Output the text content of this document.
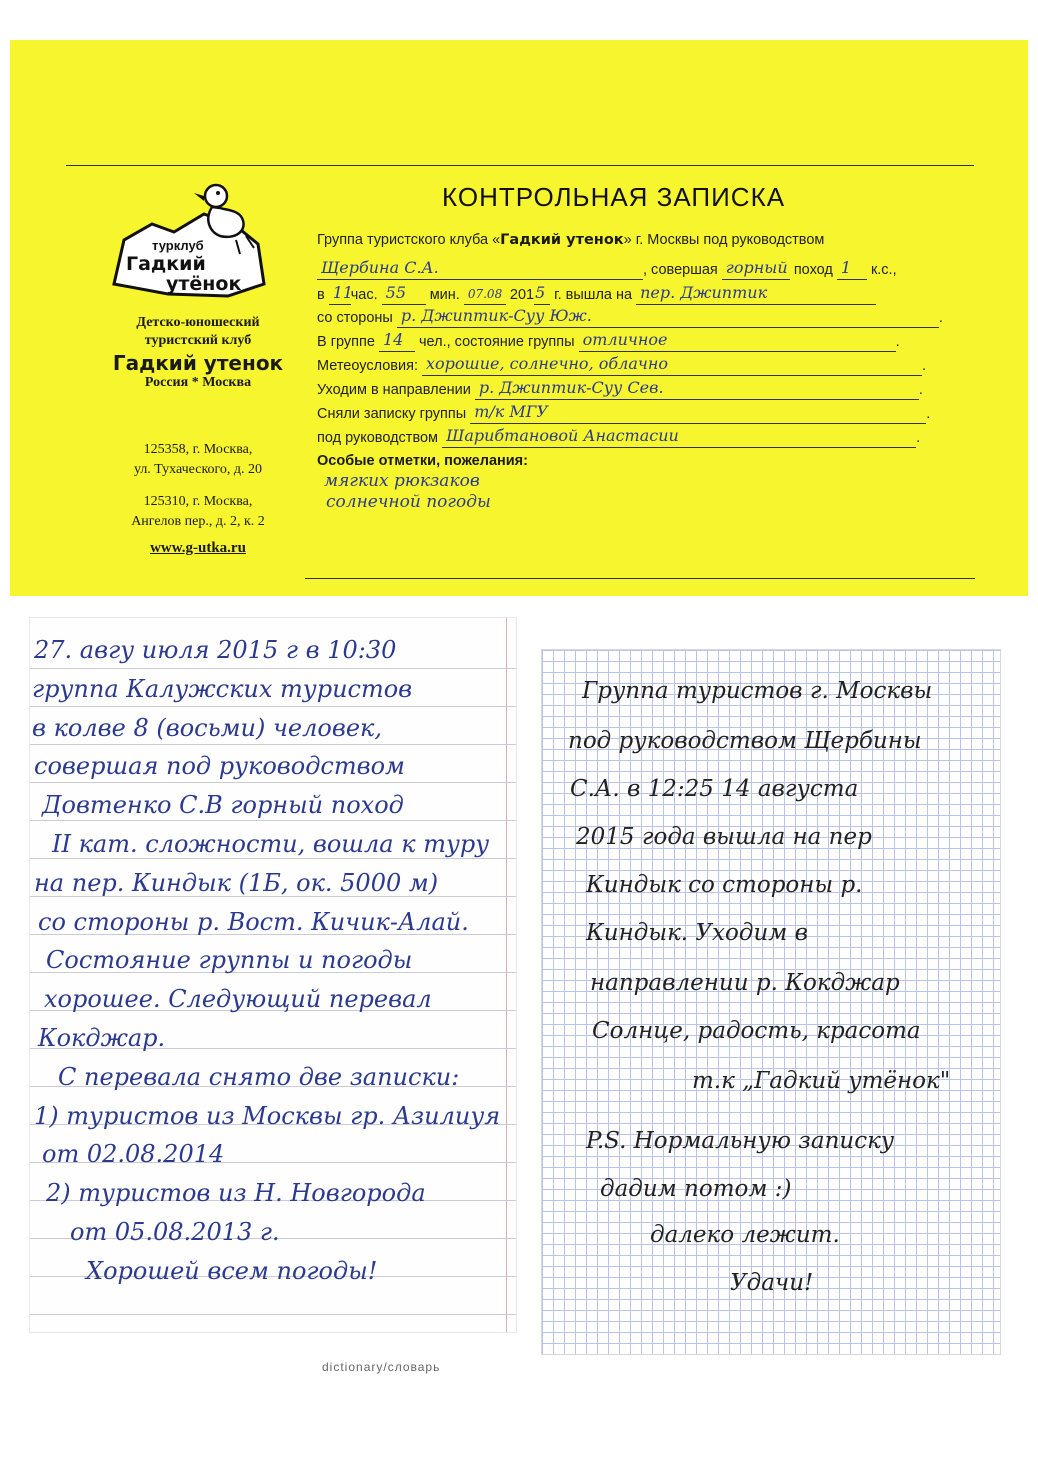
КОНТРОЛЬНАЯ ЗАПИСКА
турклуб
Гадкий
утёнок
Детско-юношеский
туристский клуб
Гадкий утенок
Россия * Москва
125358, г. Москва,
ул. Тухаческого, д. 20
125310, г. Москва,
Ангелов пер., д. 2, к. 2
www.g-utka.ru
Группа туристского клуба «Гадкий утенок» г. Москвы под руководством
Щербина С.А.	, совершая горный поход 1 к.с.,
в 11час. 55 мин. 07.08 2015 г. вышла на пер. Джиптик
со стороны р. Джиптик-Суу Юж.	.
В группе 14 чел., состояние группы отличное	.
Метеоусловия: хорошие, солнечно, облачно	.
Уходим в направлении р. Джиптик-Суу Сев.	.
Сняли записку группы т/к МГУ	.
под руководством Шарибтановой Анастасии	.
Особые отметки, пожелания:
мягких рюкзаков
солнечной погоды
27. авгу июля 2015 г в 10:30
группа Калужских туристов
в колве 8 (восьми) человек,
совершая под руководством
Довтенко С.В горный поход
II кат. сложности, вошла к туру
на пер. Киндык (1Б, ок. 5000 м)
со стороны р. Вост. Кичик-Алай.
Состояние группы и погоды
хорошее. Следующий перевал
Кокджар.
С перевала снято две записки:
1) туристов из Москвы гр. Азилиуя
от 02.08.2014
2) туристов из Н. Новгорода
от 05.08.2013 г.
Хорошей всем погоды!
dictionary/словарь
Группа туристов г. Москвы
под руководством Щербины
С.А. в 12:25 14 августа
2015 года вышла на пер
Киндык со стороны р.
Киндык. Уходим в
направлении р. Кокджар
Солнце, радость, красота
т.к „Гадкий утёнок"
P.S. Нормальную записку
дадим потом :)
далеко лежит.
Удачи!
